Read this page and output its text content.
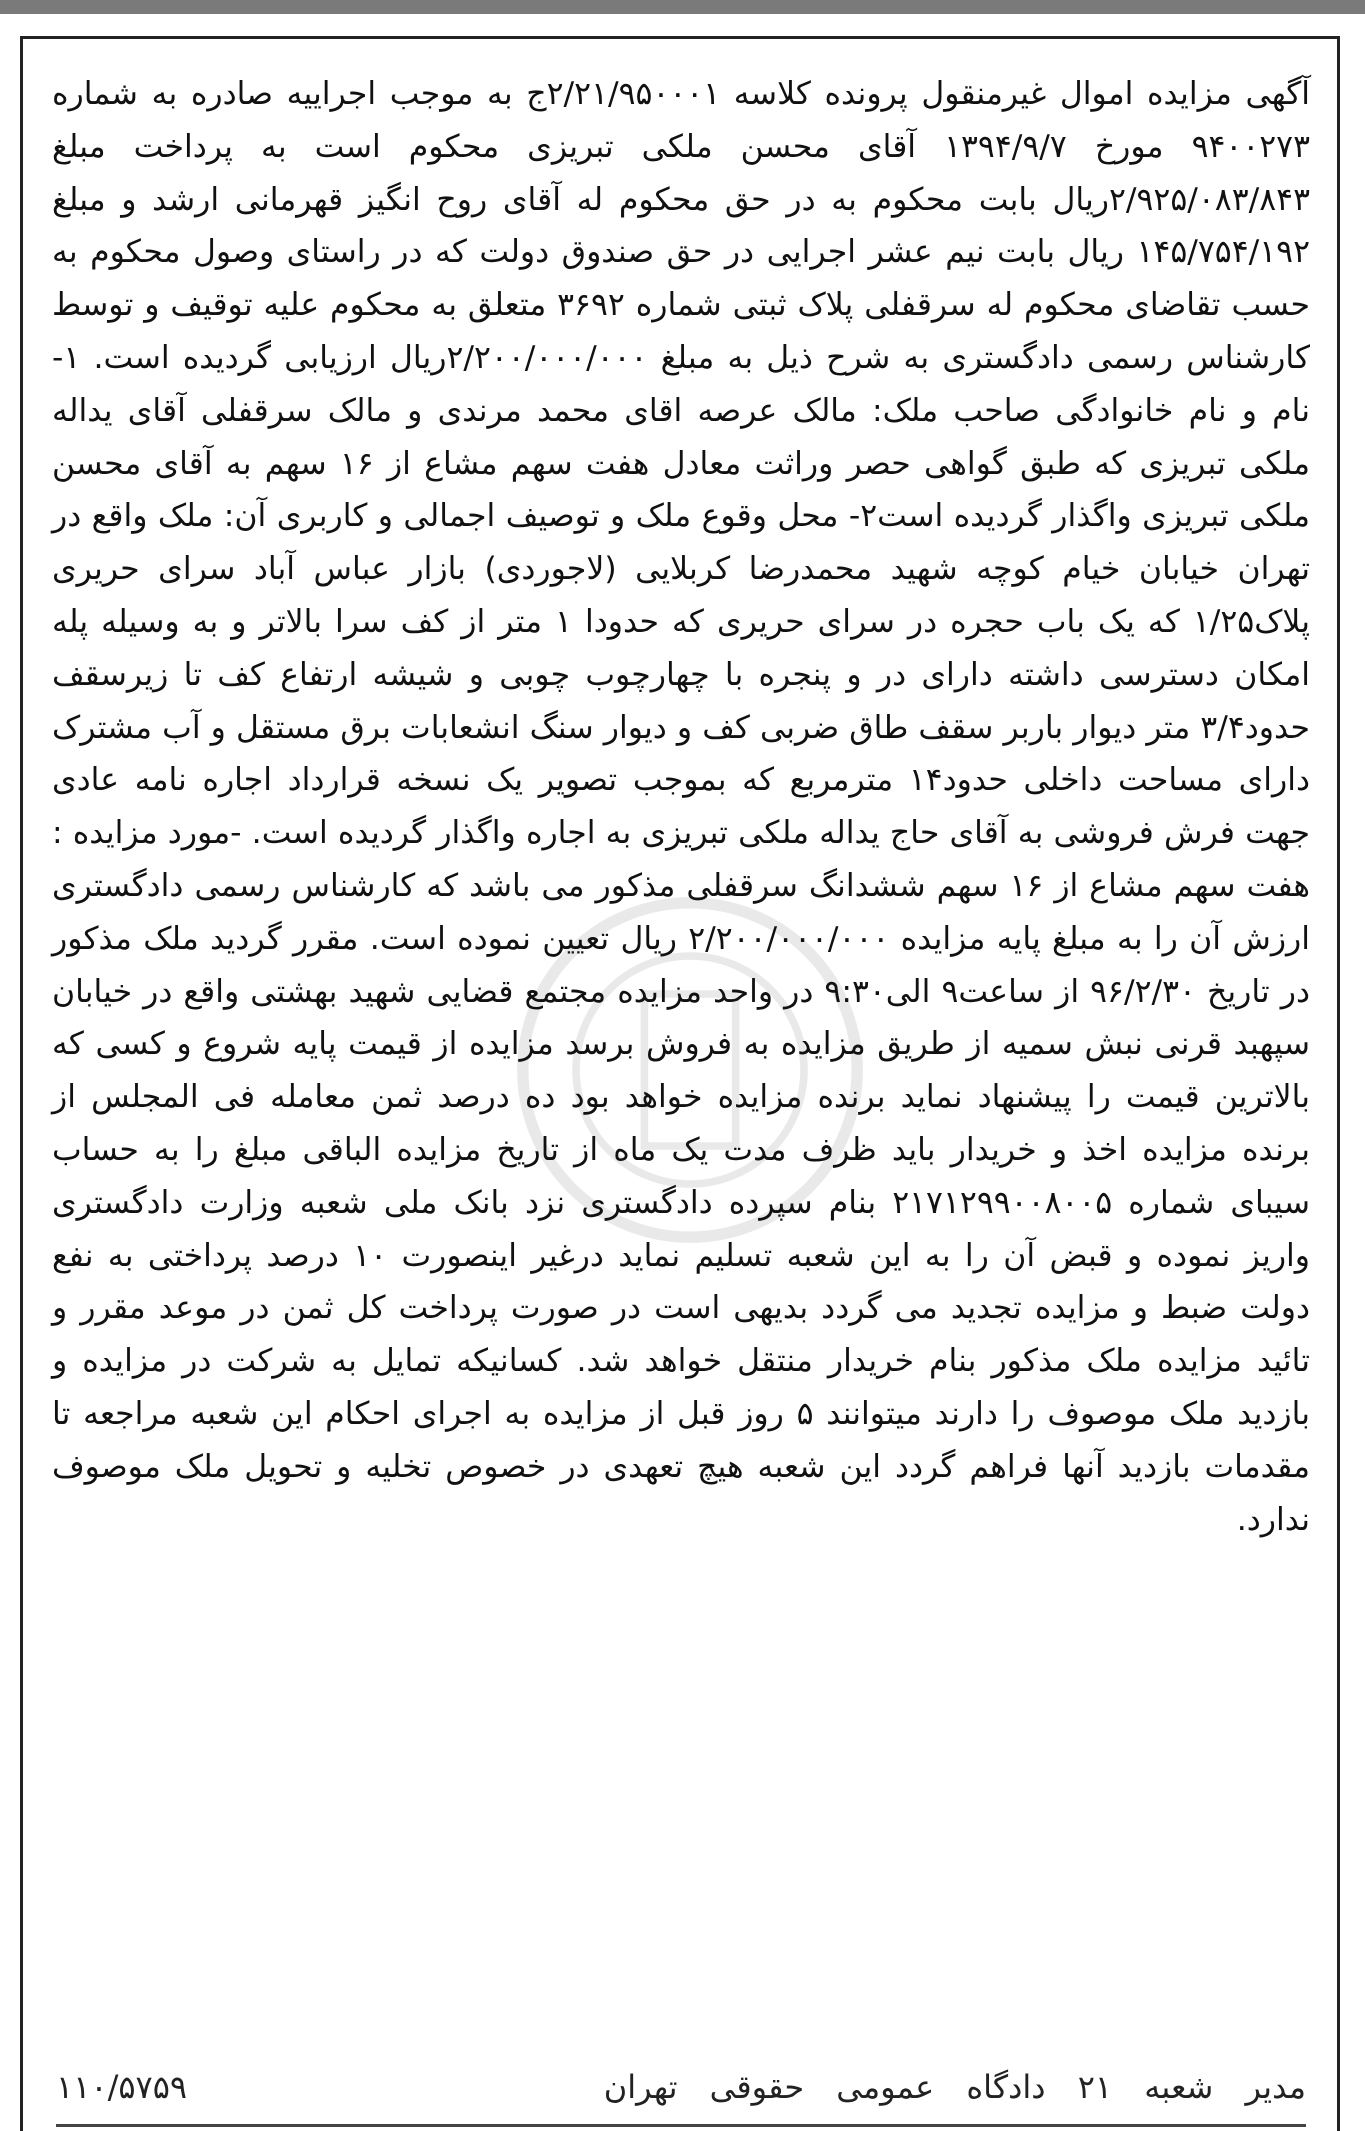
آگهی مزایده اموال غیرمنقول پرونده کلاسه ۲/۲۱/۹۵۰۰۰۱ج به موجب اجراییه صادره به شماره ۹۴۰۰۲۷۳ مورخ ۱۳۹۴/۹/۷ آقای محسن ملکی تبریزی محکوم است به پرداخت مبلغ ۲/۹۲۵/۰۸۳/۸۴۳ریال بابت محکوم به در حق محکوم له آقای روح انگیز قهرمانی ارشد و مبلغ ۱۴۵/۷۵۴/۱۹۲ ریال بابت نیم عشر اجرایی در حق صندوق دولت که در راستای وصول محکوم به حسب تقاضای محکوم له سرقفلی پلاک ثبتی شماره ۳۶۹۲ متعلق به محکوم علیه توقیف و توسط کارشناس رسمی دادگستری به شرح ذیل به مبلغ ۲/۲۰۰/۰۰۰/۰۰۰ریال ارزیابی گردیده است. ۱- نام و نام خانوادگی صاحب ملک: مالک عرصه اقای محمد مرندی و مالک سرقفلی آقای یداله ملکی تبریزی که طبق گواهی حصر وراثت معادل هفت سهم مشاع از ۱۶ سهم به آقای محسن ملکی تبریزی واگذار گردیده است۲- محل وقوع ملک و توصیف اجمالی و کاربری آن: ملک واقع در تهران خیابان خیام کوچه شهید محمدرضا کربلایی (لاجوردی) بازار عباس آباد سرای حریری پلاک۱/۲۵ که یک باب حجره در سرای حریری که حدودا ۱ متر از کف سرا بالاتر و به وسیله پله امکان دسترسی داشته دارای در و پنجره با چهارچوب چوبی و شیشه ارتفاع کف تا زیرسقف حدود۳/۴ متر دیوار باربر سقف طاق ضربی کف و دیوار سنگ انشعابات برق مستقل و آب مشترک دارای مساحت داخلی حدود۱۴ مترمربع که بموجب تصویر یک نسخه قرارداد اجاره نامه عادی جهت فرش فروشی به آقای حاج یداله ملکی تبریزی به اجاره واگذار گردیده است. -مورد مزایده : هفت سهم مشاع از ۱۶ سهم ششدانگ سرقفلی مذکور می باشد که کارشناس رسمی دادگستری ارزش آن را به مبلغ پایه مزایده ۲/۲۰۰/۰۰۰/۰۰۰ ریال تعیین نموده است. مقرر گردید ملک مذکور در تاریخ ۹۶/۲/۳۰ از ساعت۹ الی۹:۳۰ در واحد مزایده مجتمع قضایی شهید بهشتی واقع در خیابان سپهبد قرنی نبش سمیه از طریق مزایده به فروش برسد مزایده از قیمت پایه شروع و کسی که بالاترین قیمت را پیشنهاد نماید برنده مزایده خواهد بود ده درصد ثمن معامله فی المجلس از برنده مزایده اخذ و خریدار باید ظرف مدت یک ماه از تاریخ مزایده الباقی مبلغ را به حساب سیبای شماره ۲۱۷۱۲۹۹۰۰۸۰۰۵ بنام سپرده دادگستری نزد بانک ملی شعبه وزارت دادگستری واریز نموده و قبض آن را به این شعبه تسلیم نماید درغیر اینصورت ۱۰ درصد پرداختی به نفع دولت ضبط و مزایده تجدید می گردد بدیهی است در صورت پرداخت کل ثمن در موعد مقرر و تائید مزایده ملک مذکور بنام خریدار منتقل خواهد شد. کسانیکه تمایل به شرکت در مزایده و بازدید ملک موصوف را دارند میتوانند ۵ روز قبل از مزایده به اجرای احکام این شعبه مراجعه تا مقدمات بازدید آنها فراهم گردد این شعبه هیچ تعهدی در خصوص تخلیه و تحویل ملک موصوف ندارد.

مدیر شعبه ۲۱ دادگاه عمومی حقوقی تهران
۱۱۰/۵۷۵۹
